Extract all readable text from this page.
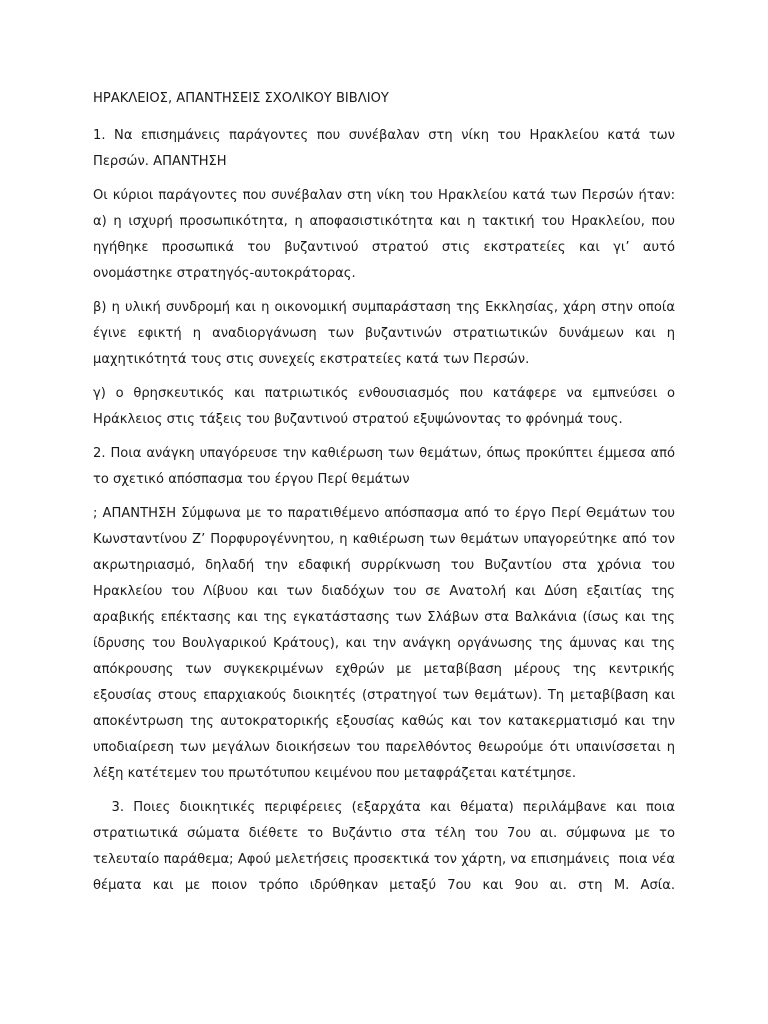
ΗΡΑΚΛΕΙΟΣ, ΑΠΑΝΤΗΣΕΙΣ ΣΧΟΛΙΚΟΥ ΒΙΒΛΙΟΥ

1. Να επισημάνεις παράγοντες που συνέβαλαν στη νίκη του Ηρακλείου κατά των Περσών. ΑΠΑΝΤΗΣΗ

Οι κύριοι παράγοντες που συνέβαλαν στη νίκη του Ηρακλείου κατά των Περσών ήταν: α) η ισχυρή προσωπικότητα, η αποφασιστικότητα και η τακτική του Ηρακλείου, που ηγήθηκε προσωπικά του βυζαντινού στρατού στις εκστρατείες και γι’ αυτό ονομάστηκε στρατηγός-αυτοκράτορας.

β) η υλική συνδρομή και η οικονομική συμπαράσταση της Εκκλησίας, χάρη στην οποία έγινε εφικτή η αναδιοργάνωση των βυζαντινών στρατιωτικών δυνάμεων και η μαχητικότητά τους στις συνεχείς εκστρατείες κατά των Περσών.

γ) ο θρησκευτικός και πατριωτικός ενθουσιασμός που κατάφερε να εμπνεύσει ο Ηράκλειος στις τάξεις του βυζαντινού στρατού εξυψώνοντας το φρόνημά τους.

2. Ποια ανάγκη υπαγόρευσε την καθιέρωση των θεμάτων, όπως προκύπτει έμμεσα από το σχετικό απόσπασμα του έργου Περί θεμάτων

; ΑΠΑΝΤΗΣΗ Σύμφωνα με το παρατιθέμενο απόσπασμα από το έργο Περί Θεμάτων του Κωνσταντίνου Ζ’ Πορφυρογέννητου, η καθιέρωση των θεμάτων υπαγορεύτηκε από τον ακρωτηριασμό, δηλαδή την εδαφική συρρίκνωση του Βυζαντίου στα χρόνια του Ηρακλείου του Λίβυου και των διαδόχων του σε Ανατολή και Δύση εξαιτίας της αραβικής επέκτασης και της εγκατάστασης των Σλάβων στα Βαλκάνια (ίσως και της ίδρυσης του Βουλγαρικού Κράτους), και την ανάγκη οργάνωσης της άμυνας και της απόκρουσης των συγκεκριμένων εχθρών με μεταβίβαση μέρους της κεντρικής εξουσίας στους επαρχιακούς διοικητές (στρατηγοί των θεμάτων). Τη μεταβίβαση και αποκέντρωση της αυτοκρατορικής εξουσίας καθώς και τον κατακερματισμό και την υποδιαίρεση των μεγάλων διοικήσεων του παρελθόντος θεωρούμε ότι υπαινίσσεται η λέξη κατέτεμεν του πρωτότυπου κειμένου που μεταφράζεται κατέτμησε.

3. Ποιες διοικητικές περιφέρειες (εξαρχάτα και θέματα) περιλάμβανε και ποια στρατιωτικά σώματα διέθετε το Βυζάντιο στα τέλη του 7ου αι. σύμφωνα με το τελευταίο παράθεμα; Αφού μελετήσεις προσεκτικά τον χάρτη, να επισημάνεις  ποια νέα θέματα και με ποιον τρόπο ιδρύθηκαν μεταξύ 7ου και 9ου αι. στη Μ. Ασία.
